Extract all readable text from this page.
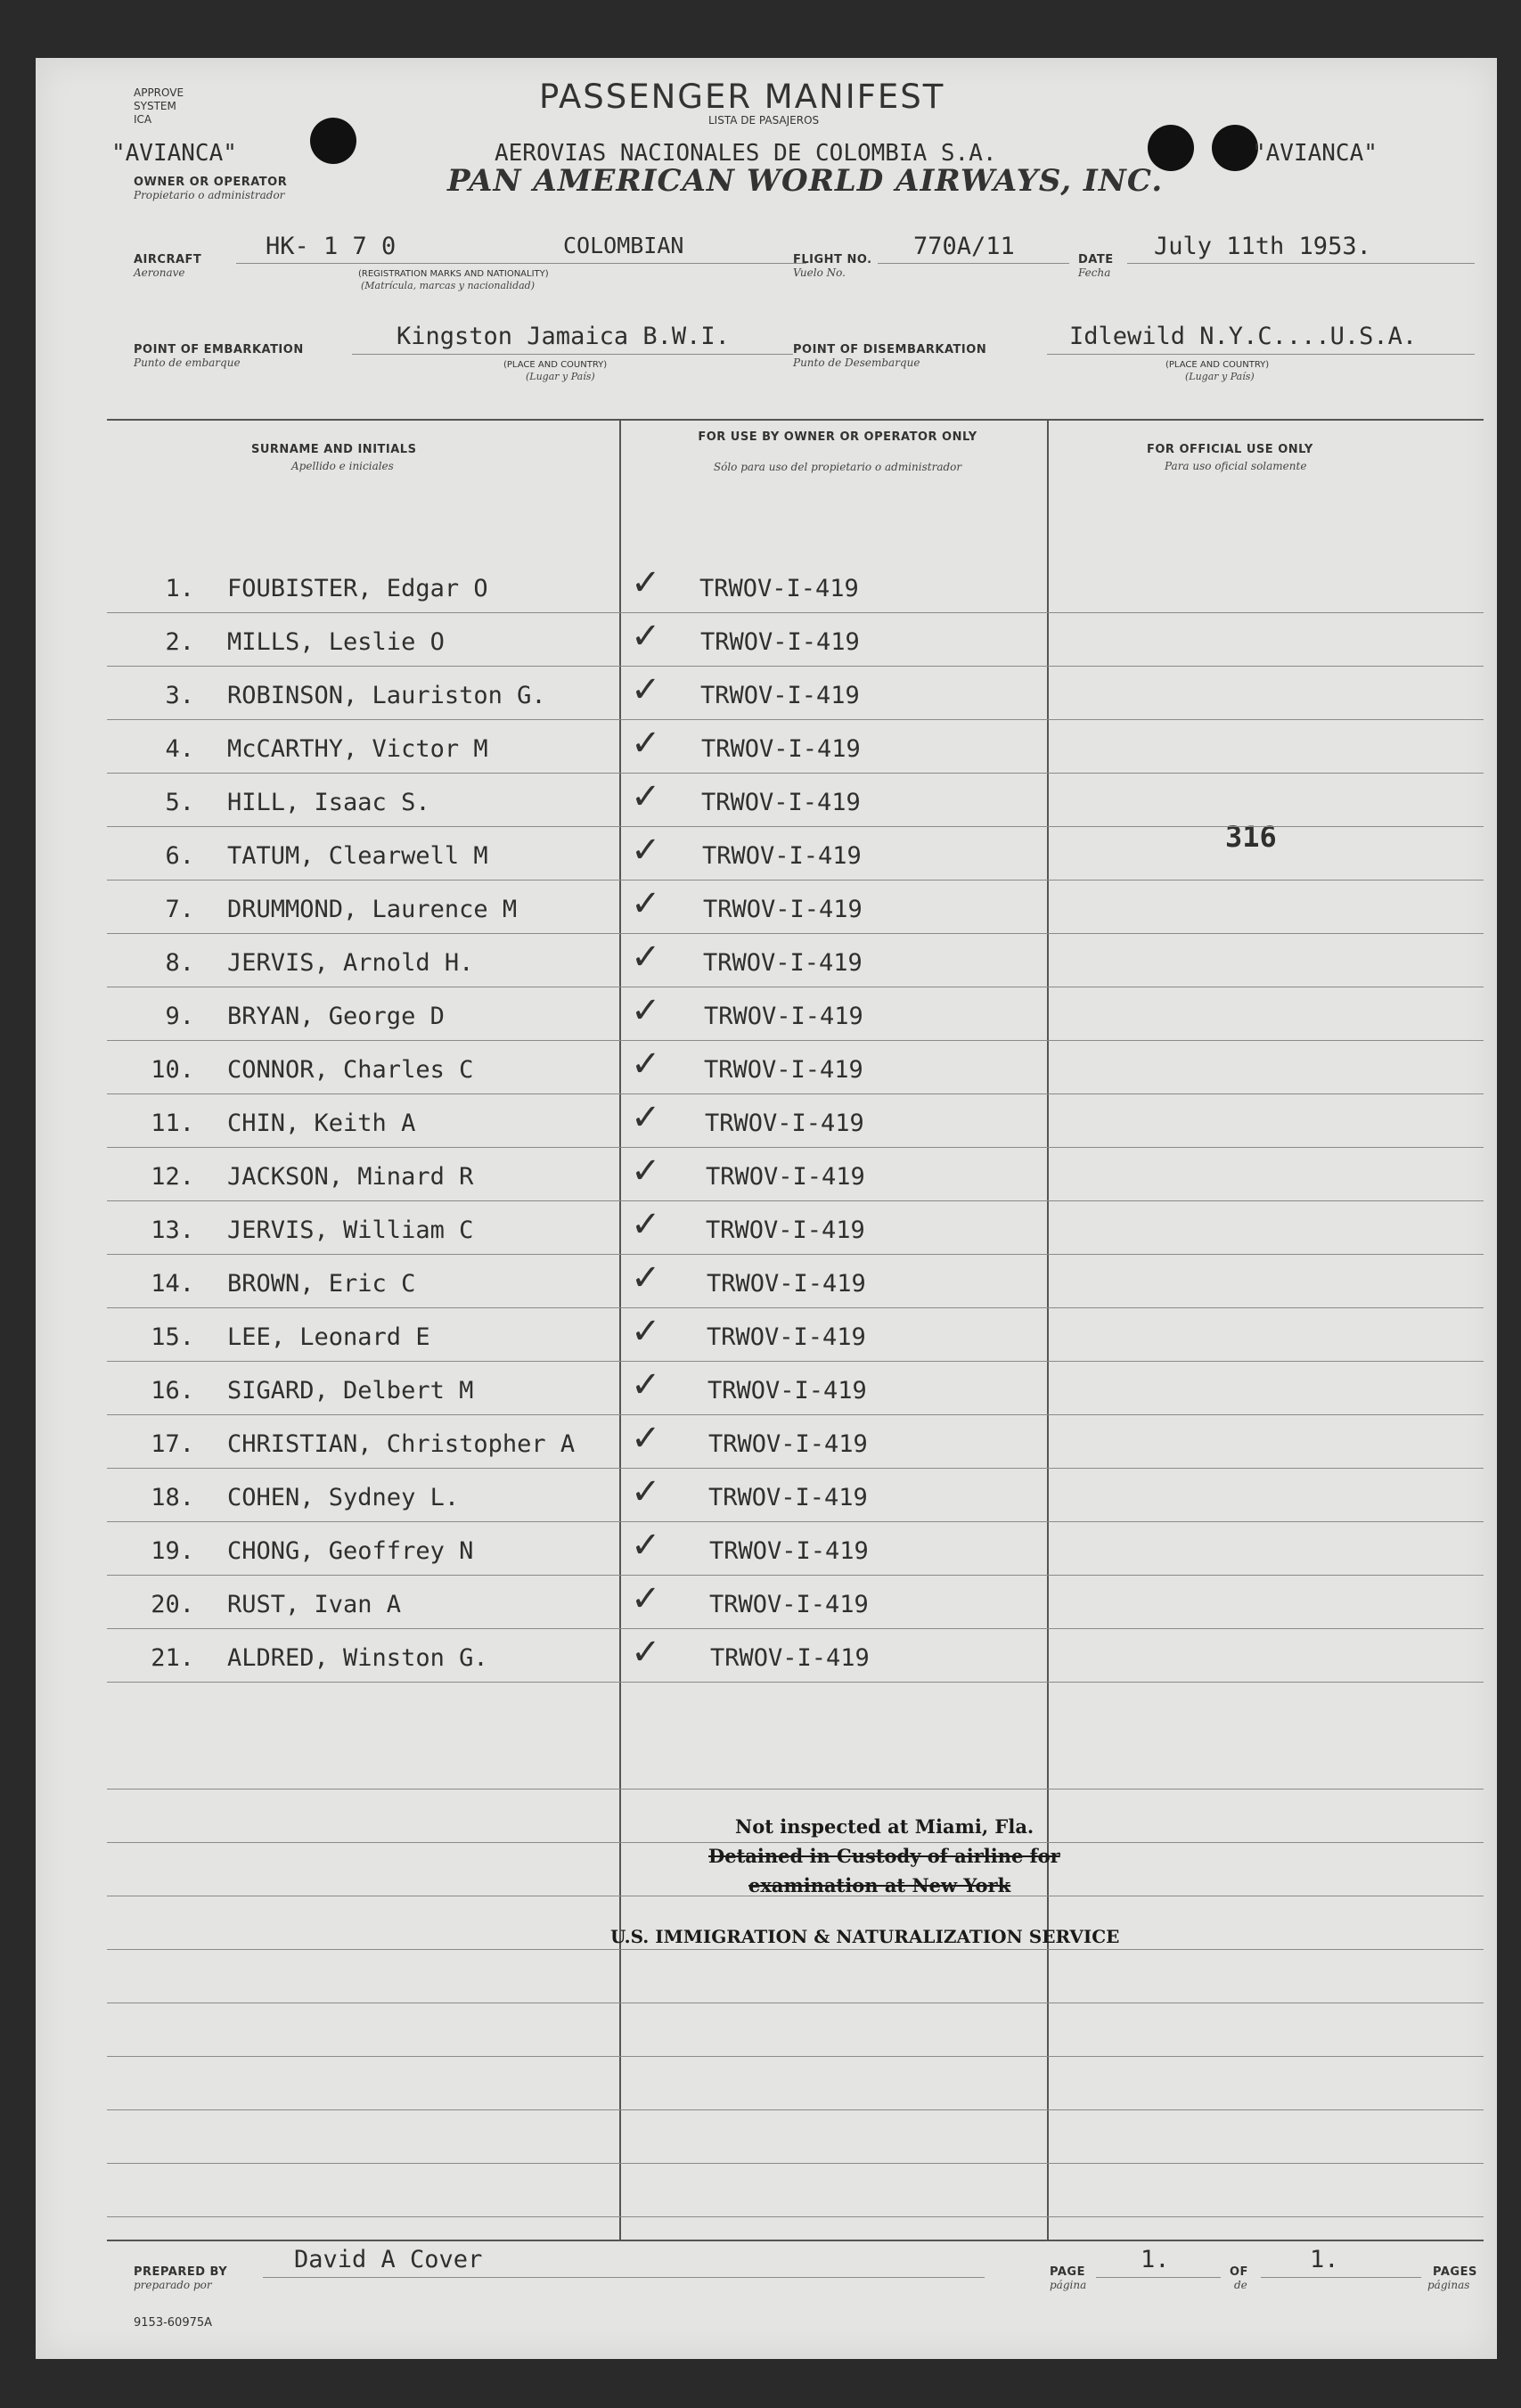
APPROVE
SYSTEM
ICA
"AVIANCA"
OWNER OR OPERATOR
Propietario o administrador
"AVIANCA"
PASSENGER MANIFEST
LISTA DE PASAJEROS
AEROVIAS NACIONALES DE COLOMBIA S.A.
PAN AMERICAN WORLD AIRWAYS, INC.
AIRCRAFT
Aeronave
HK- 1 7 0	COLOMBIAN
(REGISTRATION MARKS AND NATIONALITY)
(Matrícula, marcas y nacionalidad)
FLIGHT NO.
Vuelo No.
770A/11	DATE
Fecha
July 11th 1953.
POINT OF EMBARKATION
Punto de embarque
Kingston Jamaica B.W.I.
(PLACE AND COUNTRY)
(Lugar y País)
POINT OF DISEMBARKATION
Punto de Desembarque
Idlewild N.Y.C....U.S.A.
(PLACE AND COUNTRY)
(Lugar y País)
SURNAME AND INITIALS
Apellido e iniciales
FOR USE BY OWNER OR OPERATOR ONLY
Sólo para uso del propietario o administrador
FOR OFFICIAL USE ONLY
Para uso oficial solamente
316
1. FOUBISTER, Edgar O	✓ TRWOV-I-419
2. MILLS, Leslie O	✓ TRWOV-I-419
3. ROBINSON, Lauriston G. ✓ TRWOV-I-419
4. McCARTHY, Victor M	✓ TRWOV-I-419
5. HILL, Isaac S.	✓ TRWOV-I-419
6. TATUM, Clearwell M	✓ TRWOV-I-419
7. DRUMMOND, Laurence M	✓ TRWOV-I-419
8. JERVIS, Arnold H.	✓ TRWOV-I-419
9. BRYAN, George D	✓ TRWOV-I-419
10. CONNOR, Charles C	✓ TRWOV-I-419
11. CHIN, Keith A	✓ TRWOV-I-419
12. JACKSON, Minard R	✓ TRWOV-I-419
13. JERVIS, William C	✓ TRWOV-I-419
14. BROWN, Eric C	✓ TRWOV-I-419
15. LEE, Leonard E	✓ TRWOV-I-419
16. SIGARD, Delbert M	✓ TRWOV-I-419
17. CHRISTIAN, Christopher A ✓ TRWOV-I-419
18. COHEN, Sydney L.	✓ TRWOV-I-419
19. CHONG, Geoffrey N	✓ TRWOV-I-419
20. RUST, Ivan A	✓ TRWOV-I-419
21. ALDRED, Winston G.	✓ TRWOV-I-419
Not inspected at Miami, Fla.
Detained in Custody of airline for
examination at New York
U.S. IMMIGRATION & NATURALIZATION SERVICE
PREPARED BY
preparado por
David A Cover	PAGE
página
1.	OF
de
1.	PAGES
páginas
9153-60975A
